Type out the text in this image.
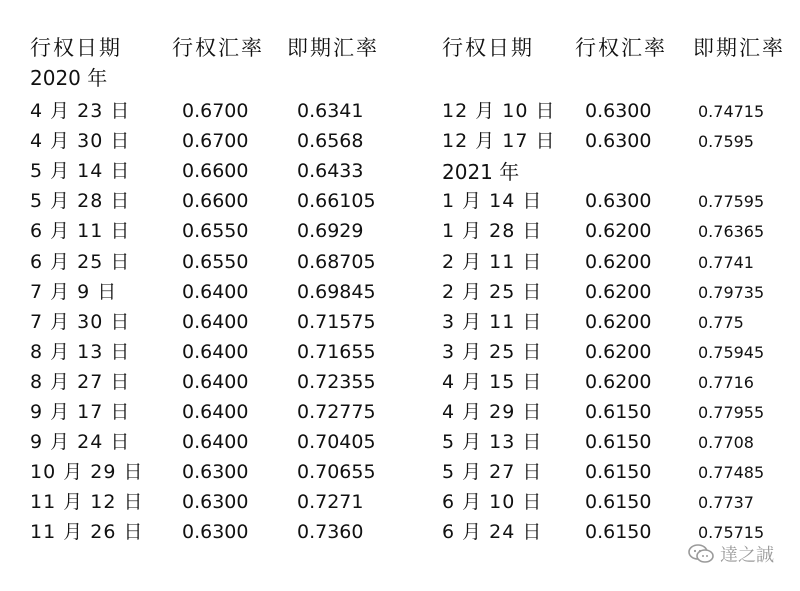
行权日期 行权汇率 即期汇率	行权日期 行权汇率 即期汇率
2020 年
4 月 23 日	0.6700	0.6341
4 月 30 日	0.6700	0.6568
5 月 14 日	0.6600	0.6433
5 月 28 日	0.6600	0.66105
6 月 11 日	0.6550	0.6929
6 月 25 日	0.6550	0.68705
7 月 9 日	0.6400	0.69845
7 月 30 日	0.6400	0.71575
8 月 13 日	0.6400	0.71655
8 月 27 日	0.6400	0.72355
9 月 17 日	0.6400	0.72775
9 月 24 日	0.6400	0.70405
10 月 29 日 0.6300	0.70655
11 月 12 日 0.6300	0.7271
11 月 26 日 0.6300	0.7360
12 月 10 日 0.6300	0.74715
12 月 17 日 0.6300	0.7595
2021 年
1 月 14 日 0.6300	0.77595
1 月 28 日 0.6200	0.76365
2 月 11 日 0.6200	0.7741
2 月 25 日 0.6200	0.79735
3 月 11 日 0.6200	0.775
3 月 25 日 0.6200	0.75945
4 月 15 日 0.6200	0.7716
4 月 29 日 0.6150	0.77955
5 月 13 日 0.6150	0.7708
5 月 27 日 0.6150	0.77485
6 月 10 日 0.6150	0.7737
6 月 24 日 0.6150	0.75715
達之誠
